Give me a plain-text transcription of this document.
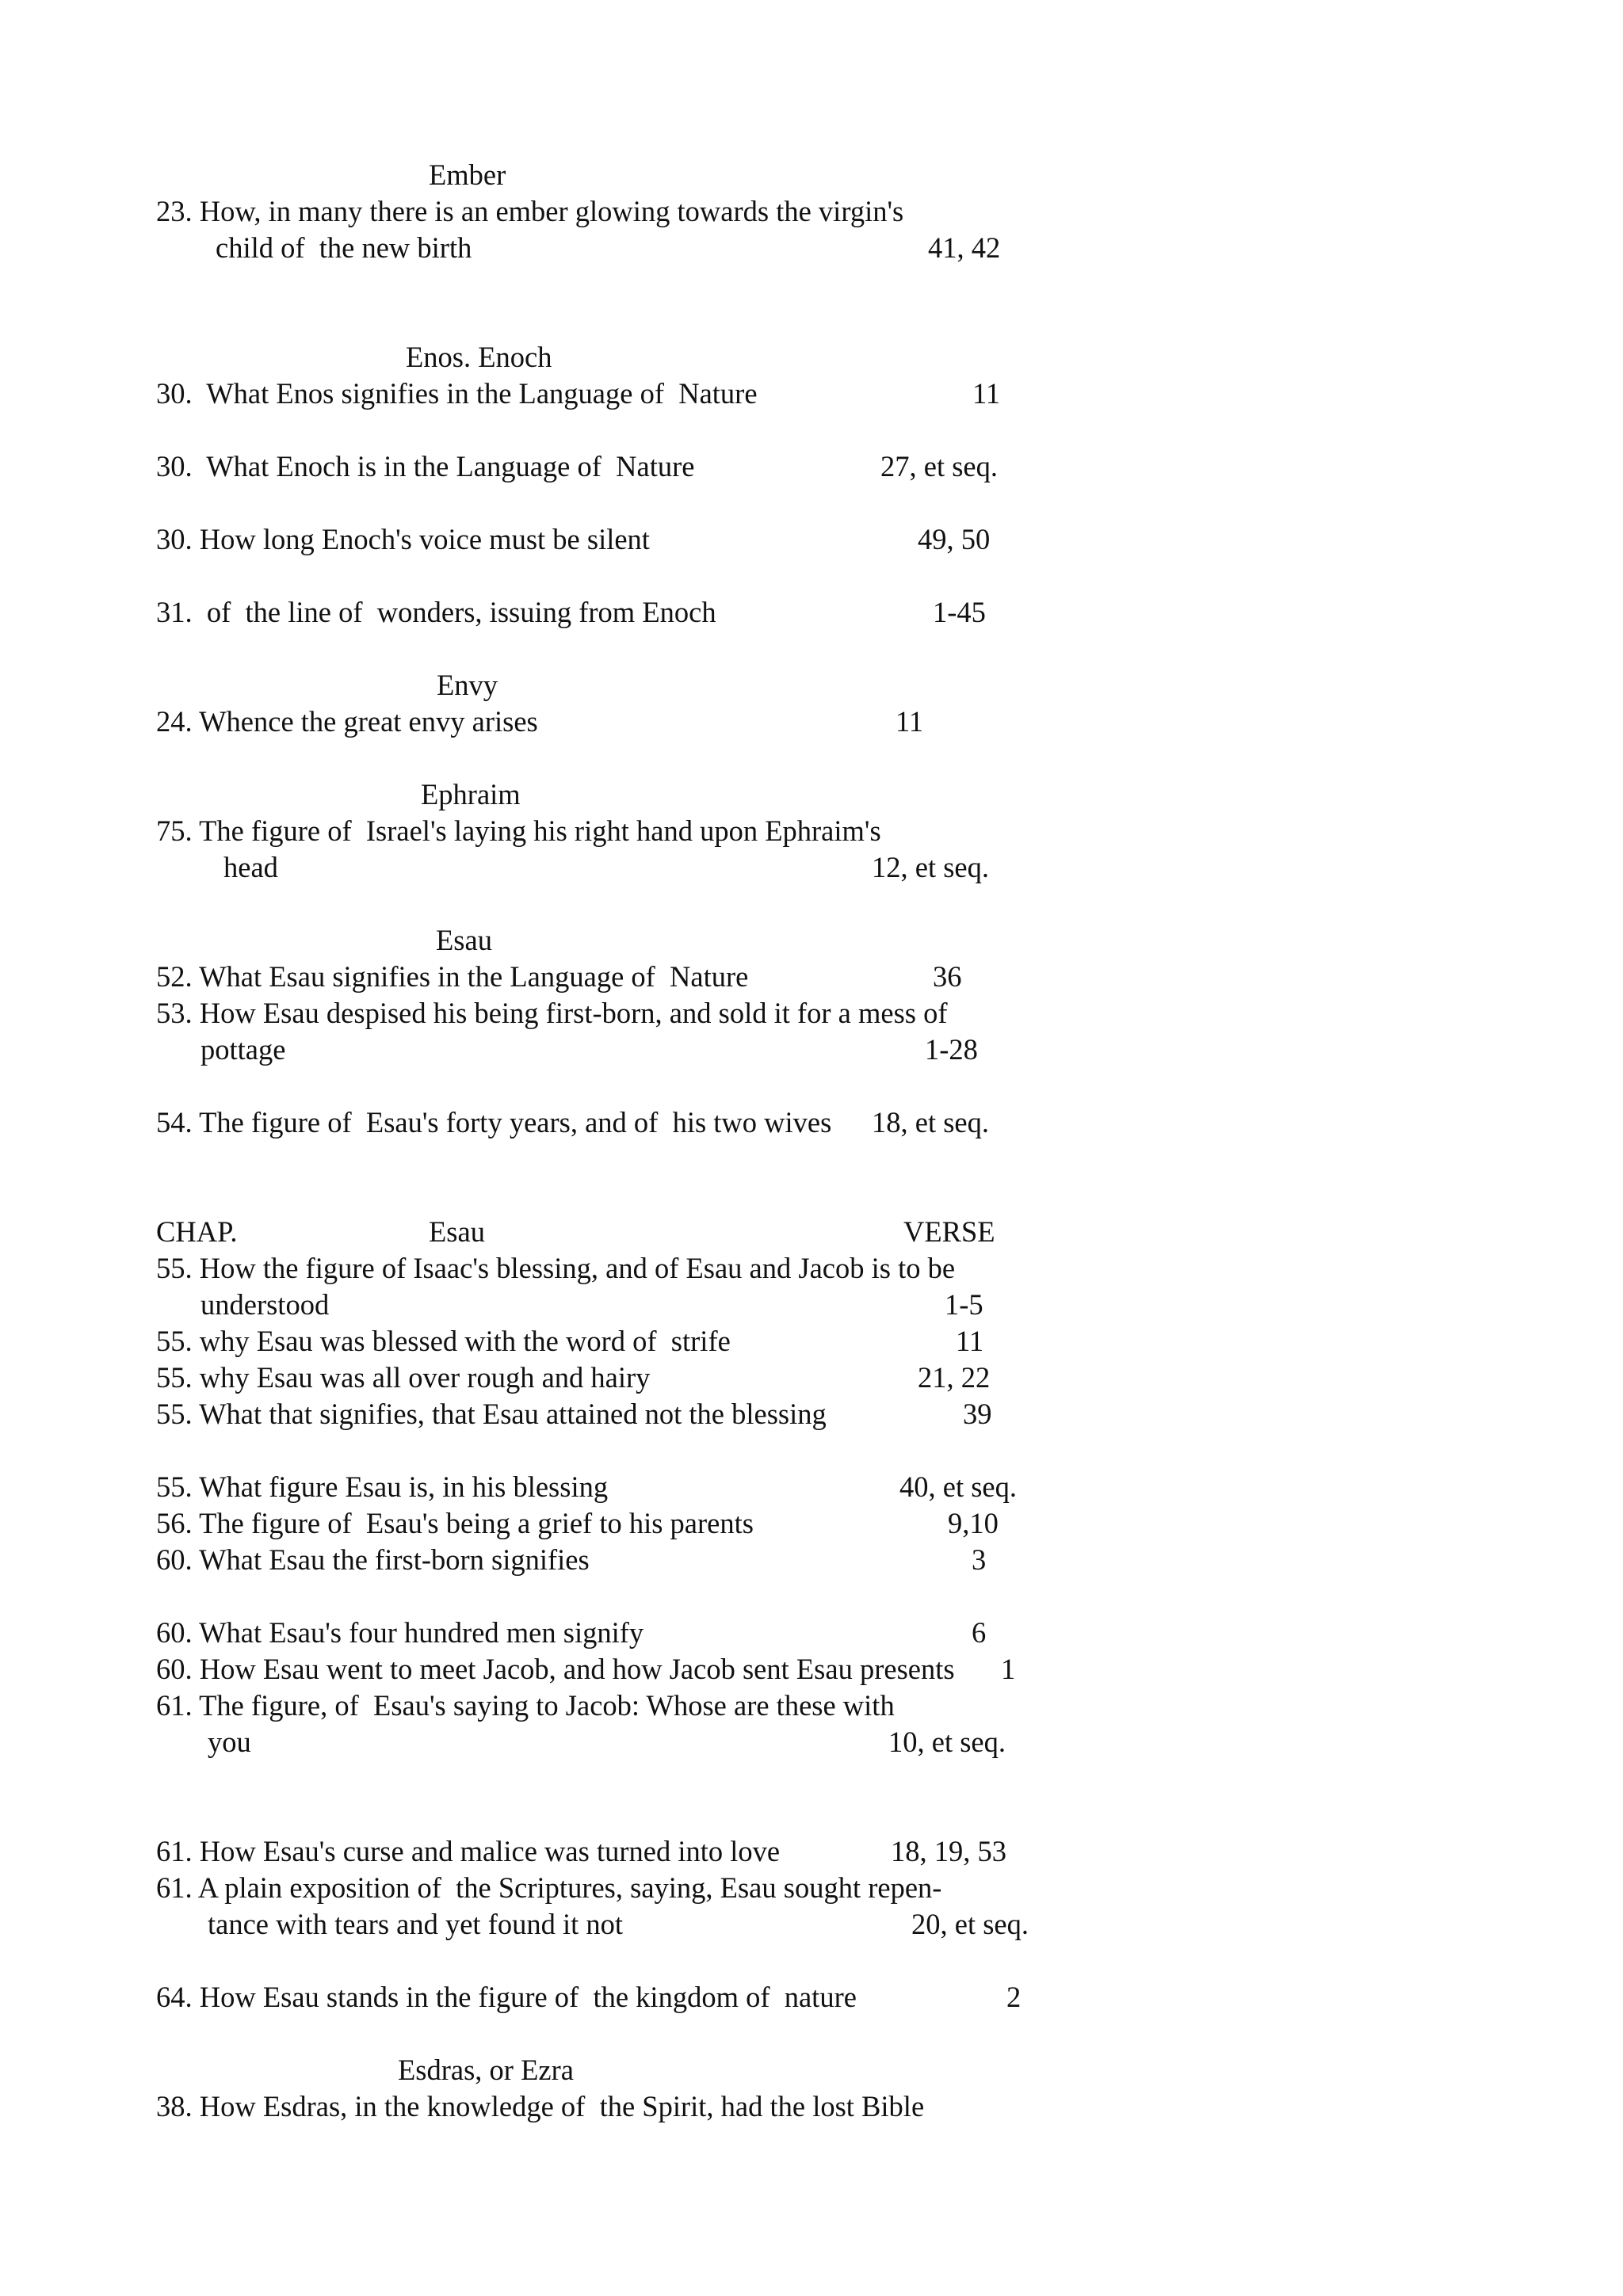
Ember
23. How, in many there is an ember glowing towards the virgin's
child of  the new birth	41, 42
Enos. Enoch
30.  What Enos signifies in the Language of  Nature	11
30.  What Enoch is in the Language of  Nature	27, et seq.
30. How long Enoch's voice must be silent	49, 50
31.  of  the line of  wonders, issuing from Enoch	1-45
Envy
24. Whence the great envy arises	11
Ephraim
75. The figure of  Israel's laying his right hand upon Ephraim's
head	12, et seq.
Esau
52. What Esau signifies in the Language of  Nature	36
53. How Esau despised his being first-born, and sold it for a mess of
pottage	1-28
54. The figure of  Esau's forty years, and of  his two wives 18, et seq.
CHAP.	Esau	VERSE
55. How the figure of Isaac's blessing, and of Esau and Jacob is to be
understood	1-5
55. why Esau was blessed with the word of  strife	11
55. why Esau was all over rough and hairy	21, 22
55. What that signifies, that Esau attained not the blessing	39
55. What figure Esau is, in his blessing	40, et seq.
56. The figure of  Esau's being a grief to his parents	9,10
60. What Esau the first-born signifies	3
60. What Esau's four hundred men signify	6
60. How Esau went to meet Jacob, and how Jacob sent Esau presents 1
61. The figure, of  Esau's saying to Jacob: Whose are these with
you	10, et seq.
61. How Esau's curse and malice was turned into love	18, 19, 53
61. A plain exposition of  the Scriptures, saying, Esau sought repen-
tance with tears and yet found it not	20, et seq.
64. How Esau stands in the figure of  the kingdom of  nature	2
Esdras, or Ezra
38. How Esdras, in the knowledge of  the Spirit, had the lost Bible
